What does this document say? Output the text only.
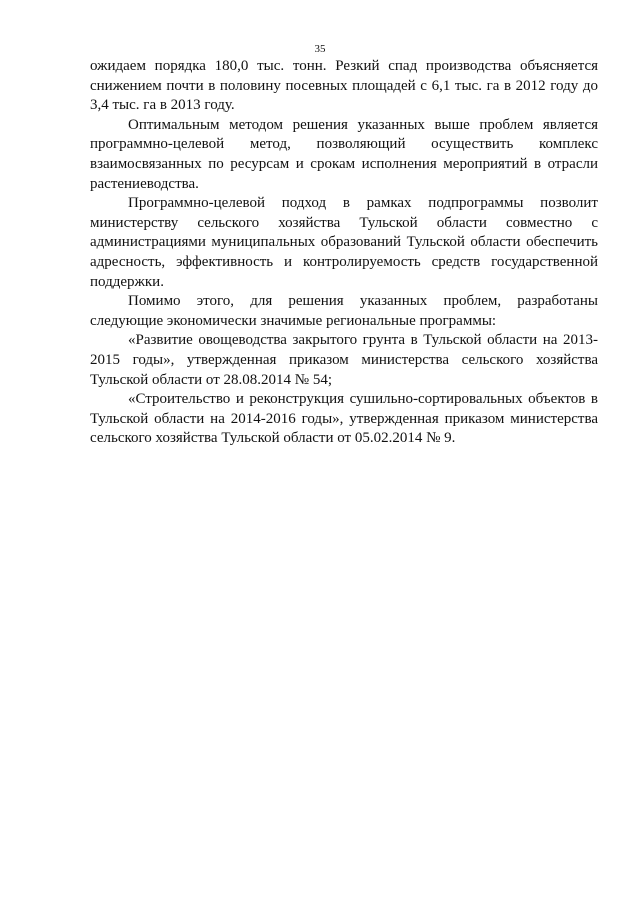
35

ожидаем порядка 180,0 тыс. тонн. Резкий спад производства объясняется снижением почти в половину посевных площадей с 6,1 тыс. га в 2012 году до 3,4 тыс. га в 2013 году.

Оптимальным методом решения указанных выше проблем является программно-целевой метод, позволяющий осуществить комплекс взаимосвязанных по ресурсам и срокам исполнения мероприятий в отрасли растениеводства.

Программно-целевой подход в рамках подпрограммы позволит министерству сельского хозяйства Тульской области совместно с администрациями муниципальных образований Тульской области обеспечить адресность, эффективность и контролируемость средств государственной поддержки.

Помимо этого, для решения указанных проблем, разработаны следующие экономически значимые региональные программы:

«Развитие овощеводства закрытого грунта в Тульской области на 2013-2015 годы», утвержденная приказом министерства сельского хозяйства Тульской области от 28.08.2014 № 54;

«Строительство и реконструкция сушильно-сортировальных объектов в Тульской области на 2014-2016 годы», утвержденная приказом министерства сельского хозяйства Тульской области от 05.02.2014 № 9.
